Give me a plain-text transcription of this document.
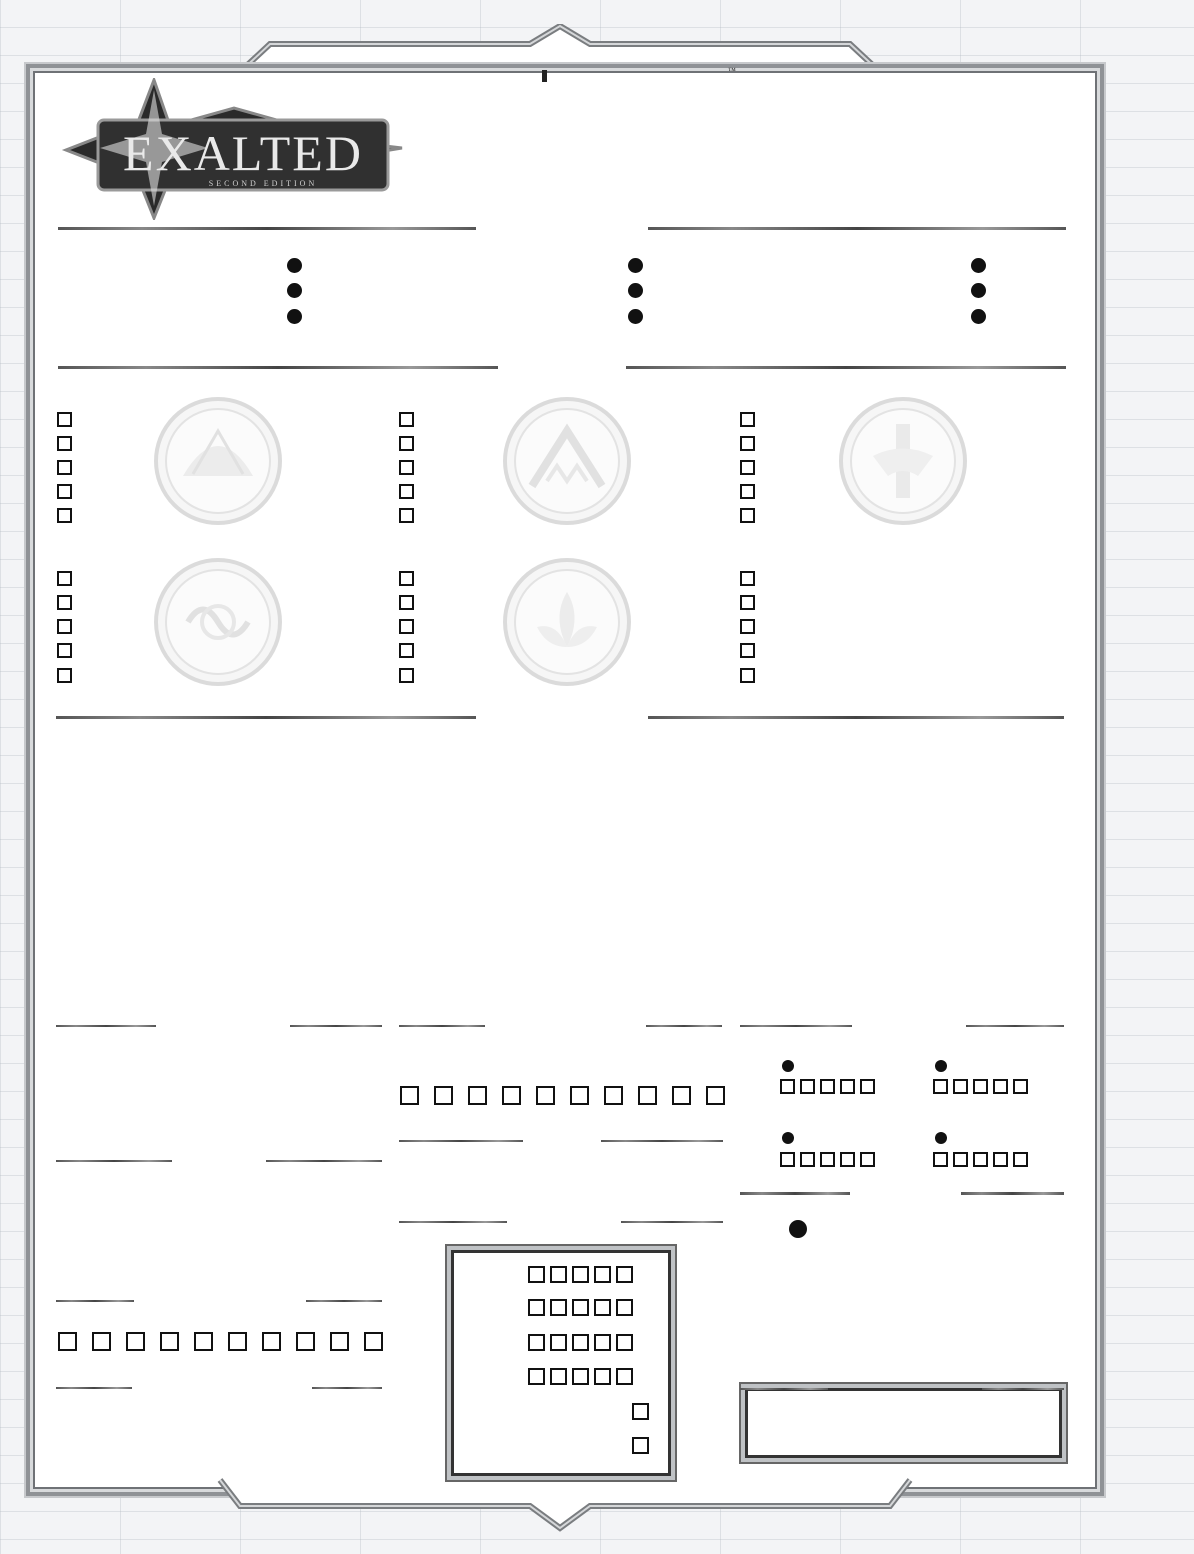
™
EXALTED
SECOND EDITION
